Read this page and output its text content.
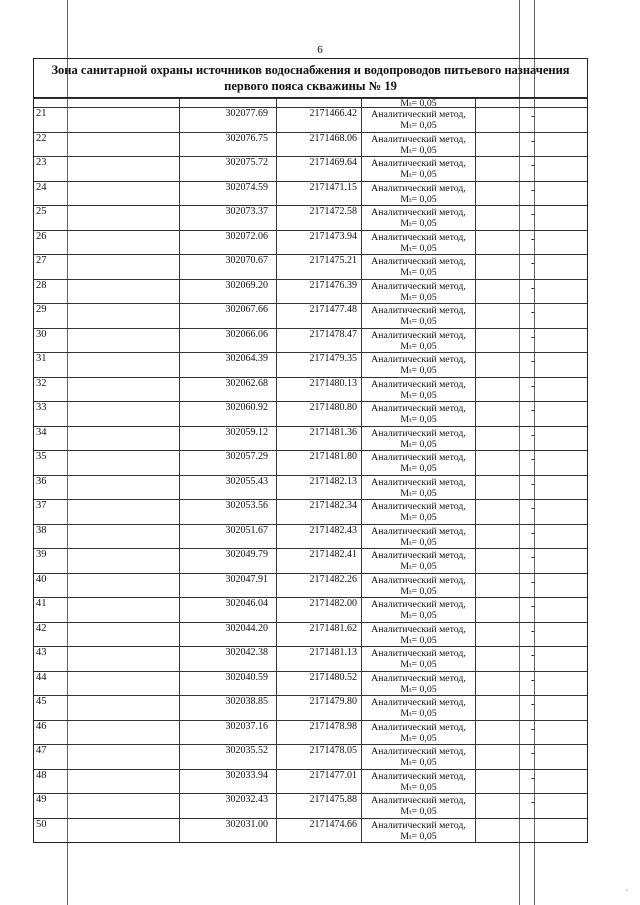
6
Зона санитарной охраны источников водоснабжения и водопроводов питьевого назначения первого пояса скважины № 19
Мₜ= 0,05
21	302077.69	2171466.42	Аналитический метод,
Мₜ= 0,05
-
22	302076.75	2171468.06	Аналитический метод,
Мₜ= 0,05
-
23	302075.72	2171469.64	Аналитический метод,
Мₜ= 0,05
-
24	302074.59	2171471.15	Аналитический метод,
Мₜ= 0,05
-
25	302073.37	2171472.58	Аналитический метод,
Мₜ= 0,05
-
26	302072.06	2171473.94	Аналитический метод,
Мₜ= 0,05
-
27	302070.67	2171475.21	Аналитический метод,
Мₜ= 0,05
-
28	302069.20	2171476.39	Аналитический метод,
Мₜ= 0,05
-
29	302067.66	2171477.48	Аналитический метод,
Мₜ= 0,05
-
30	302066.06	2171478.47	Аналитический метод,
Мₜ= 0,05
-
31	302064.39	2171479.35	Аналитический метод,
Мₜ= 0,05
-
32	302062.68	2171480.13	Аналитический метод,
Мₜ= 0,05
-
33	302060.92	2171480.80	Аналитический метод,
Мₜ= 0,05
-
34	302059.12	2171481.36	Аналитический метод,
Мₜ= 0,05
-
35	302057.29	2171481.80	Аналитический метод,
Мₜ= 0,05
-
36	302055.43	2171482.13	Аналитический метод,
Мₜ= 0,05
-
37	302053.56	2171482.34	Аналитический метод,
Мₜ= 0,05
-
38	302051.67	2171482.43	Аналитический метод,
Мₜ= 0,05
-
39	302049.79	2171482.41	Аналитический метод,
Мₜ= 0,05
-
40	302047.91	2171482.26	Аналитический метод,
Мₜ= 0,05
-
41	302046.04	2171482.00	Аналитический метод,
Мₜ= 0,05
-
42	302044.20	2171481.62	Аналитический метод,
Мₜ= 0,05
-
43	302042.38	2171481.13	Аналитический метод,
Мₜ= 0,05
-
44	302040.59	2171480.52	Аналитический метод,
Мₜ= 0,05
-
45	302038.85	2171479.80	Аналитический метод,
Мₜ= 0,05
-
46	302037.16	2171478.98	Аналитический метод,
Мₜ= 0,05
-
47	302035.52	2171478.05	Аналитический метод,
Мₜ= 0,05
-
48	302033.94	2171477.01	Аналитический метод,
Мₜ= 0,05
-
49	302032.43	2171475.88	Аналитический метод,
Мₜ= 0,05
-
50	302031.00	2171474.66	Аналитический метод,
Мₜ= 0,05
,
